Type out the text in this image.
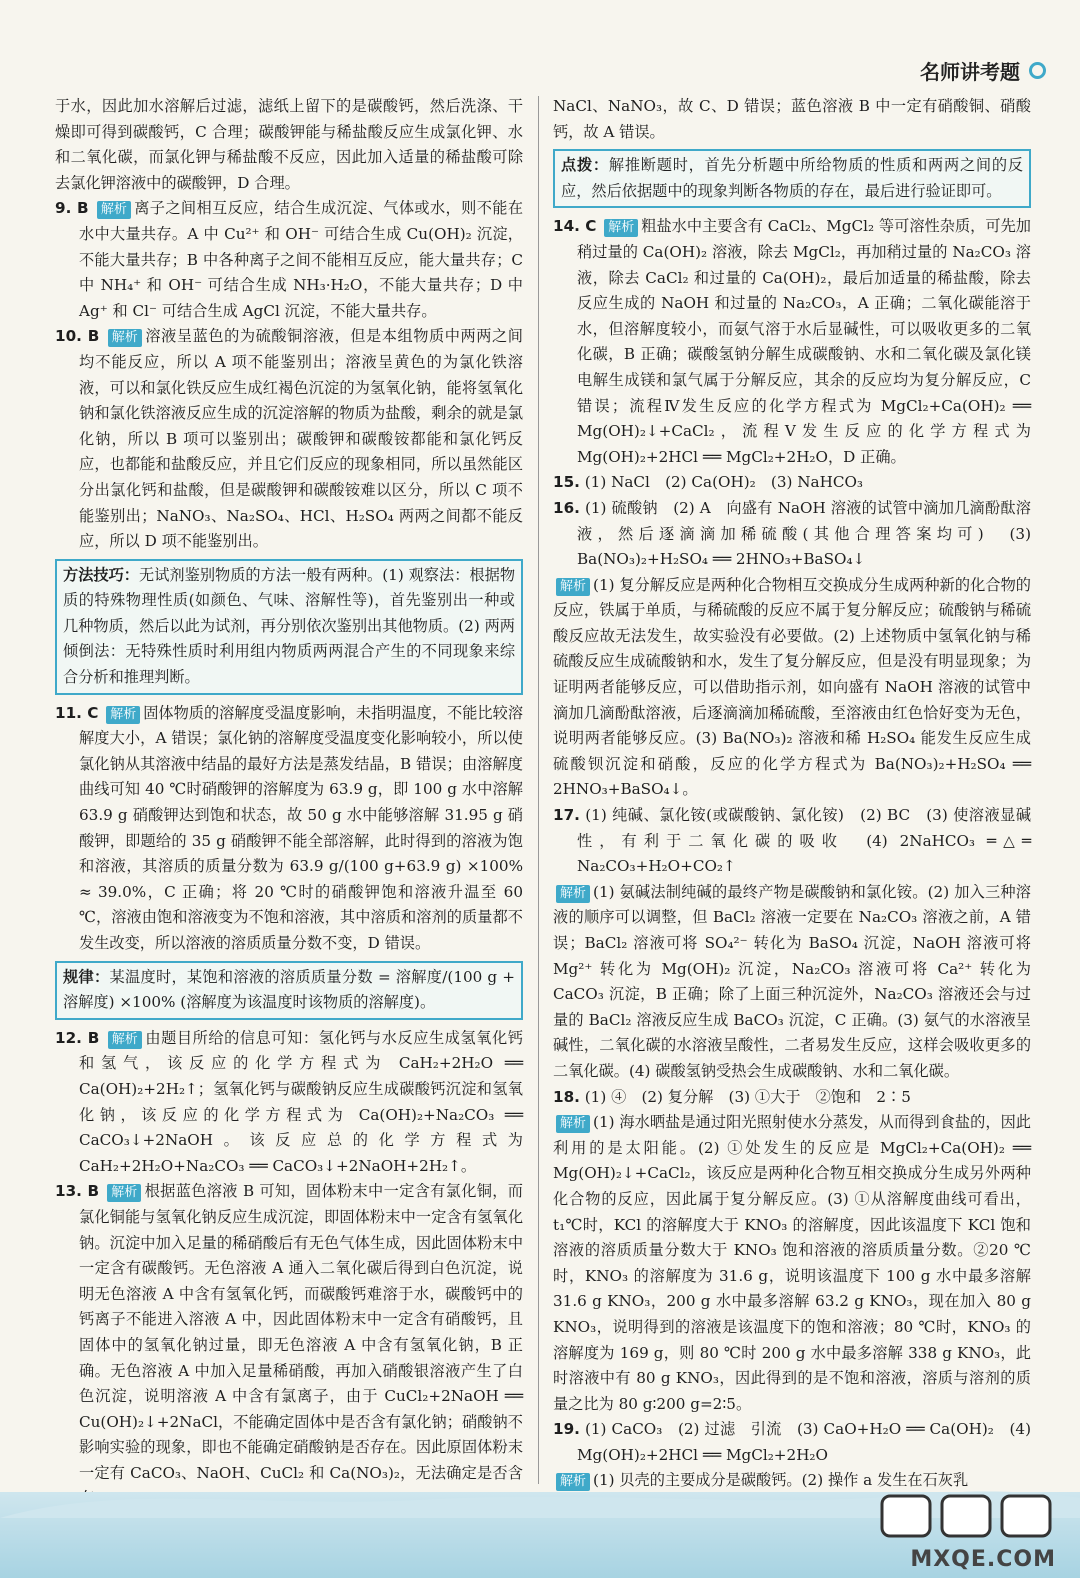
名师讲考题

于水，因此加水溶解后过滤，滤纸上留下的是碳酸钙，然后洗涤、干燥即可得到碳酸钙，C 合理；碳酸钾能与稀盐酸反应生成氯化钾、水和二氧化碳，而氯化钾与稀盐酸不反应，因此加入适量的稀盐酸可除去氯化钾溶液中的碳酸钾，D 合理。

9. B 解析 离子之间相互反应，结合生成沉淀、气体或水，则不能在水中大量共存。A 中 Cu²⁺ 和 OH⁻ 可结合生成 Cu(OH)₂ 沉淀，不能大量共存；B 中各种离子之间不能相互反应，能大量共存；C 中 NH₄⁺ 和 OH⁻ 可结合生成 NH₃·H₂O，不能大量共存；D 中 Ag⁺ 和 Cl⁻ 可结合生成 AgCl 沉淀，不能大量共存。

10. B 解析 溶液呈蓝色的为硫酸铜溶液，但是本组物质中两两之间均不能反应，所以 A 项不能鉴别出；溶液呈黄色的为氯化铁溶液，可以和氯化铁反应生成红褐色沉淀的为氢氧化钠，能将氢氧化钠和氯化铁溶液反应生成的沉淀溶解的物质为盐酸，剩余的就是氯化钠，所以 B 项可以鉴别出；碳酸钾和碳酸铵都能和氯化钙反应，也都能和盐酸反应，并且它们反应的现象相同，所以虽然能区分出氯化钙和盐酸，但是碳酸钾和碳酸铵难以区分，所以 C 项不能鉴别出；NaNO₃、Na₂SO₄、HCl、H₂SO₄ 两两之间都不能反应，所以 D 项不能鉴别出。

方法技巧：无试剂鉴别物质的方法一般有两种。(1) 观察法：根据物质的特殊物理性质(如颜色、气味、溶解性等)，首先鉴别出一种或几种物质，然后以此为试剂，再分别依次鉴别出其他物质。(2) 两两倾倒法：无特殊性质时利用组内物质两两混合产生的不同现象来综合分析和推理判断。

11. C 解析 固体物质的溶解度受温度影响，未指明温度，不能比较溶解度大小，A 错误；氯化钠的溶解度受温度变化影响较小，所以使氯化钠从其溶液中结晶的最好方法是蒸发结晶，B 错误；由溶解度曲线可知 40 ℃时硝酸钾的溶解度为 63.9 g，即 100 g 水中溶解 63.9 g 硝酸钾达到饱和状态，故 50 g 水中能够溶解 31.95 g 硝酸钾，即题给的 35 g 硝酸钾不能全部溶解，此时得到的溶液为饱和溶液，其溶质的质量分数为 63.9 g/(100 g+63.9 g) ×100% ≈ 39.0%，C 正确；将 20 ℃时的硝酸钾饱和溶液升温至 60 ℃，溶液由饱和溶液变为不饱和溶液，其中溶质和溶剂的质量都不发生改变，所以溶液的溶质质量分数不变，D 错误。

规律：某温度时，某饱和溶液的溶质质量分数 = 溶解度/(100 g + 溶解度) ×100% (溶解度为该温度时该物质的溶解度)。

12. B 解析 由题目所给的信息可知：氢化钙与水反应生成氢氧化钙和氢气，该反应的化学方程式为 CaH₂+2H₂O ══ Ca(OH)₂+2H₂↑；氢氧化钙与碳酸钠反应生成碳酸钙沉淀和氢氧化钠，该反应的化学方程式为 Ca(OH)₂+Na₂CO₃ ══ CaCO₃↓+2NaOH。该反应总的化学方程式为 CaH₂+2H₂O+Na₂CO₃ ══ CaCO₃↓+2NaOH+2H₂↑。

13. B 解析 根据蓝色溶液 B 可知，固体粉末中一定含有氯化铜，而氯化铜能与氢氧化钠反应生成沉淀，即固体粉末中一定含有氢氧化钠。沉淀中加入足量的稀硝酸后有无色气体生成，因此固体粉末中一定含有碳酸钙。无色溶液 A 通入二氧化碳后得到白色沉淀，说明无色溶液 A 中含有氢氧化钙，而碳酸钙难溶于水，碳酸钙中的钙离子不能进入溶液 A 中，因此固体粉末中一定含有硝酸钙，且固体中的氢氧化钠过量，即无色溶液 A 中含有氢氧化钠，B 正确。无色溶液 A 中加入足量稀硝酸，再加入硝酸银溶液产生了白色沉淀，说明溶液 A 中含有氯离子，由于 CuCl₂+2NaOH ══ Cu(OH)₂↓+2NaCl，不能确定固体中是否含有氯化钠；硝酸钠不影响实验的现象，即也不能确定硝酸钠是否存在。因此原固体粉末一定有 CaCO₃、NaOH、CuCl₂ 和 Ca(NO₃)₂，无法确定是否含

NaCl、NaNO₃，故 C、D 错误；蓝色溶液 B 中一定有硝酸铜、硝酸钙，故 A 错误。

点拨：解推断题时，首先分析题中所给物质的性质和两两之间的反应，然后依据题中的现象判断各物质的存在，最后进行验证即可。

14. C 解析 粗盐水中主要含有 CaCl₂、MgCl₂ 等可溶性杂质，可先加稍过量的 Ca(OH)₂ 溶液，除去 MgCl₂，再加稍过量的 Na₂CO₃ 溶液，除去 CaCl₂ 和过量的 Ca(OH)₂，最后加适量的稀盐酸，除去反应生成的 NaOH 和过量的 Na₂CO₃，A 正确；二氧化碳能溶于水，但溶解度较小，而氨气溶于水后显碱性，可以吸收更多的二氧化碳，B 正确；碳酸氢钠分解生成碳酸钠、水和二氧化碳及氯化镁电解生成镁和氯气属于分解反应，其余的反应均为复分解反应，C 错误；流程Ⅳ发生反应的化学方程式为 MgCl₂+Ca(OH)₂ ══ Mg(OH)₂↓+CaCl₂，流程Ⅴ发生反应的化学方程式为 Mg(OH)₂+2HCl ══ MgCl₂+2H₂O，D 正确。

15. (1) NaCl　(2) Ca(OH)₂　(3) NaHCO₃

16. (1) 硫酸钠　(2) A　向盛有 NaOH 溶液的试管中滴加几滴酚酞溶液，然后逐滴滴加稀硫酸(其他合理答案均可)　(3) Ba(NO₃)₂+H₂SO₄ ══ 2HNO₃+BaSO₄↓

解析 (1) 复分解反应是两种化合物相互交换成分生成两种新的化合物的反应，铁属于单质，与稀硫酸的反应不属于复分解反应；硫酸钠与稀硫酸反应故无法发生，故实验没有必要做。(2) 上述物质中氢氧化钠与稀硫酸反应生成硫酸钠和水，发生了复分解反应，但是没有明显现象；为证明两者能够反应，可以借助指示剂，如向盛有 NaOH 溶液的试管中滴加几滴酚酞溶液，后逐滴滴加稀硫酸，至溶液由红色恰好变为无色，说明两者能够反应。(3) Ba(NO₃)₂ 溶液和稀 H₂SO₄ 能发生反应生成硫酸钡沉淀和硝酸，反应的化学方程式为 Ba(NO₃)₂+H₂SO₄ ══ 2HNO₃+BaSO₄↓。

17. (1) 纯碱、氯化铵(或碳酸钠、氯化铵)　(2) BC　(3) 使溶液显碱性，有利于二氧化碳的吸收　(4) 2NaHCO₃ ═△═ Na₂CO₃+H₂O+CO₂↑

解析 (1) 氨碱法制纯碱的最终产物是碳酸钠和氯化铵。(2) 加入三种溶液的顺序可以调整，但 BaCl₂ 溶液一定要在 Na₂CO₃ 溶液之前，A 错误；BaCl₂ 溶液可将 SO₄²⁻ 转化为 BaSO₄ 沉淀，NaOH 溶液可将 Mg²⁺ 转化为 Mg(OH)₂ 沉淀，Na₂CO₃ 溶液可将 Ca²⁺ 转化为 CaCO₃ 沉淀，B 正确；除了上面三种沉淀外，Na₂CO₃ 溶液还会与过量的 BaCl₂ 溶液反应生成 BaCO₃ 沉淀，C 正确。(3) 氨气的水溶液呈碱性，二氧化碳的水溶液呈酸性，二者易发生反应，这样会吸收更多的二氧化碳。(4) 碳酸氢钠受热会生成碳酸钠、水和二氧化碳。

18. (1) ④　(2) 复分解　(3) ①大于　②饱和　2∶5

解析 (1) 海水晒盐是通过阳光照射使水分蒸发，从而得到食盐的，因此利用的是太阳能。(2) ①处发生的反应是 MgCl₂+Ca(OH)₂ ══ Mg(OH)₂↓+CaCl₂，该反应是两种化合物互相交换成分生成另外两种化合物的反应，因此属于复分解反应。(3) ①从溶解度曲线可看出，t₁℃时，KCl 的溶解度大于 KNO₃ 的溶解度，因此该温度下 KCl 饱和溶液的溶质质量分数大于 KNO₃ 饱和溶液的溶质质量分数。②20 ℃时，KNO₃ 的溶解度为 31.6 g，说明该温度下 100 g 水中最多溶解 31.6 g KNO₃，200 g 水中最多溶解 63.2 g KNO₃，现在加入 80 g KNO₃，说明得到的溶液是该温度下的饱和溶液；80 ℃时，KNO₃ 的溶解度为 169 g，则 80 ℃时 200 g 水中最多溶解 338 g KNO₃，此时溶液中有 80 g KNO₃，因此得到的是不饱和溶液，溶质与溶剂的质量之比为 80 g∶200 g=2∶5。

19. (1) CaCO₃　(2) 过滤　引流　(3) CaO+H₂O ══ Ca(OH)₂　(4) Mg(OH)₂+2HCl ══ MgCl₂+2H₂O

解析 (1) 贝壳的主要成分是碳酸钙。(2) 操作 a 发生在石灰乳

MXQE.COM
